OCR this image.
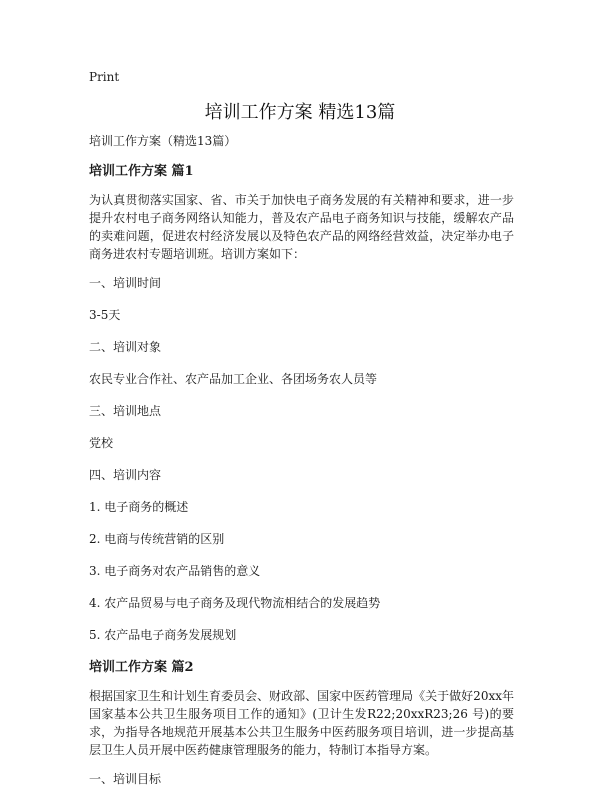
Print
培训工作方案 精选13篇
培训工作方案（精选13篇）
培训工作方案 篇1
为认真贯彻落实国家、省、市关于加快电子商务发展的有关精神和要求，进一步提升农村电子商务网络认知能力，普及农产品电子商务知识与技能，缓解农产品的卖难问题，促进农村经济发展以及特色农产品的网络经营效益，决定举办电子商务进农村专题培训班。培训方案如下：
一、培训时间
3-5天
二、培训对象
农民专业合作社、农产品加工企业、各团场务农人员等
三、培训地点
党校
四、培训内容
1. 电子商务的概述
2. 电商与传统营销的区别
3. 电子商务对农产品销售的意义
4. 农产品贸易与电子商务及现代物流相结合的发展趋势
5. 农产品电子商务发展规划
培训工作方案 篇2
根据国家卫生和计划生育委员会、财政部、国家中医药管理局《关于做好20xx年国家基本公共卫生服务项目工作的通知》(卫计生发R22;20xxR23;26 号)的要求，为指导各地规范开展基本公共卫生服务中医药服务项目培训，进一步提高基层卫生人员开展中医药健康管理服务的能力，特制订本指导方案。
一、培训目标
